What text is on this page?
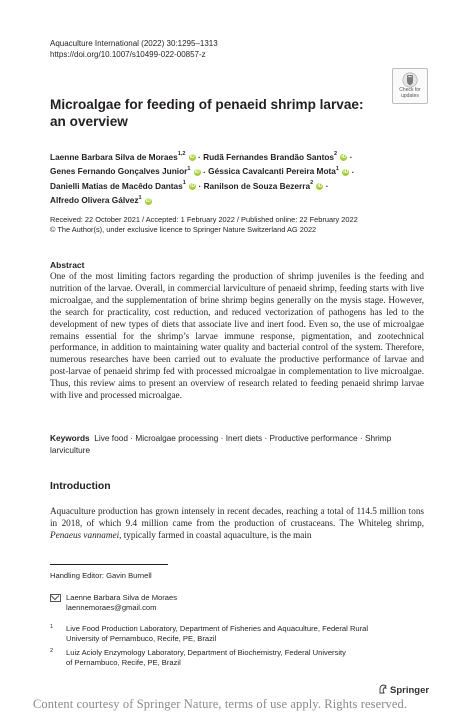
Aquaculture International (2022) 30:1295–1313
https://doi.org/10.1007/s10499-022-00857-z
Check for
updates
Microalgae for feeding of penaeid shrimp larvae:
an overview
Laenne Barbara Silva de Moraes$^{1,2}$ iD · Rudã Fernandes Brandão Santos$^2$ iD ·
Genes Fernando Gonçalves Junior$^1$ iD · Géssica Cavalcanti Pereira Mota$^1$ iD ·
Danielli Matias de Macêdo Dantas$^1$ iD · Ranilson de Souza Bezerra$^2$ iD ·
Alfredo Olivera Gálvez$^1$ iD
Received: 22 October 2021 / Accepted: 1 February 2022 / Published online: 22 February 2022
© The Author(s), under exclusive licence to Springer Nature Switzerland AG 2022
Abstract
One of the most limiting factors regarding the production of shrimp juveniles is the feeding and nutrition of the larvae. Overall, in commercial larviculture of penaeid shrimp, feeding starts with live microalgae, and the supplementation of brine shrimp begins generally on the mysis stage. However, the search for practicality, cost reduction, and reduced vectorization of pathogens has led to the development of new types of diets that associate live and inert food. Even so, the use of microalgae remains essential for the shrimp’s larvae immune response, pigmentation, and zootechnical performance, in addition to maintaining water quality and bacterial control of the system. Therefore, numerous researches have been carried out to evaluate the productive performance of larvae and post-larvae of penaeid shrimp fed with processed microalgae in complementation to live microalgae. Thus, this review aims to present an overview of research related to feeding penaeid shrimp larvae with live and processed microalgae.
Keywords Live food · Microalgae processing · Inert diets · Productive performance · Shrimp larviculture
Introduction
Aquaculture production has grown intensely in recent decades, reaching a total of 114.5 million tons in 2018, of which 9.4 million came from the production of crustaceans. The Whiteleg shrimp, Penaeus vannamei, typically farmed in coastal aquaculture, is the main
Handling Editor: Gavin Burnell
Laenne Barbara Silva de Moraes
laennemoraes@gmail.com
1 Live Food Production Laboratory, Department of Fisheries and Aquaculture, Federal Rural
University of Pernambuco, Recife, PE, Brazil
2 Luiz Acioly Enzymology Laboratory, Department of Biochemistry, Federal University
of Pernambuco, Recife, PE, Brazil
Springer
Content courtesy of Springer Nature, terms of use apply. Rights reserved.
